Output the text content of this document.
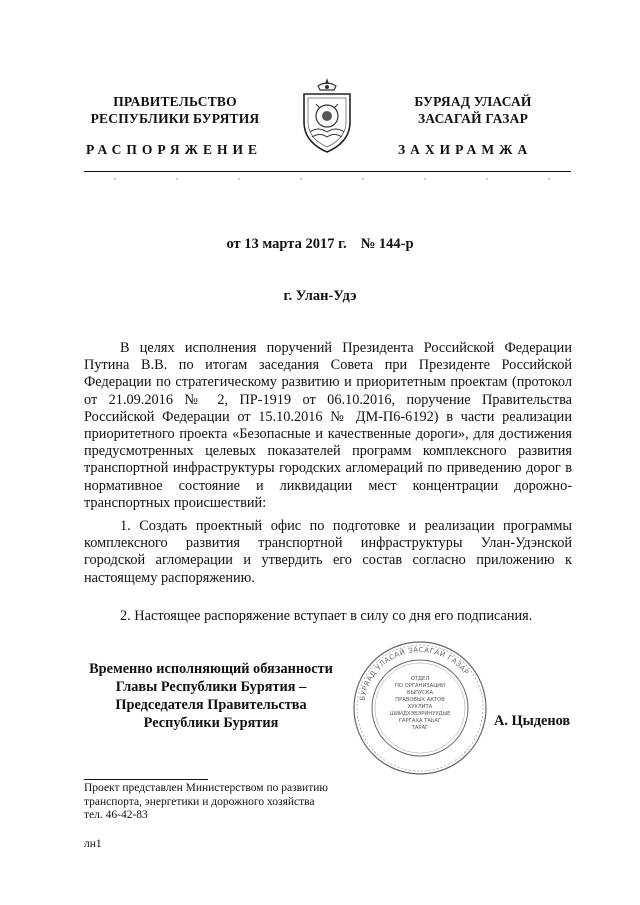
ПРАВИТЕЛЬСТВО
РЕСПУБЛИКИ БУРЯТИЯ
БУРЯАД УЛАСАЙ
ЗАСАГАЙ ГАЗАР
РАСПОРЯЖЕНИЕ	ЗАХИРАМЖА
от 13 марта 2017 г. № 144-р
г. Улан-Удэ

В целях исполнения поручений Президента Российской Федерации Путина В.В. по итогам заседания Совета при Президенте Российской Федерации по стратегическому развитию и приоритетным проектам (протокол от 21.09.2016 № 2, ПР-1919 от 06.10.2016, поручение Правительства Российской Федерации от 15.10.2016 № ДМ-П6-6192) в части реализации приоритетного проекта «Безопасные и качественные дороги», для достижения предусмотренных целевых показателей программ комплексного развития транспортной инфраструктуры городских агломераций по приведению дорог в нормативное состояние и ликвидации мест концентрации дорожно-транспортных происшествий:

1. Создать проектный офис по подготовке и реализации программы комплексного развития транспортной инфраструктуры Улан-Удэнской городской агломерации и утвердить его состав согласно приложению к настоящему распоряжению.

2. Настоящее распоряжение вступает в силу со дня его подписания.

Временно исполняющий обязанности
Главы Республики Бурятия –
Председателя Правительства
Республики Бурятия
БУРЯАД УЛАСАЙ ЗАСАГАЙ ГАЗАР
ОТДЕЛ
ПО ОРГАНИЗАЦИИ
ВЫПУСКА
ПРАВОВЫХ АКТОВ
ХУУЛИТА
ШИИДХЭБЭРИНУУДЫЕ
ГАРГАХА ТАЬАГ
ТАРАГ	А. Цыденов
Проект представлен Министерством по развитию
транспорта, энергетики и дорожного хозяйства
тел. 46-42-83
лн1
